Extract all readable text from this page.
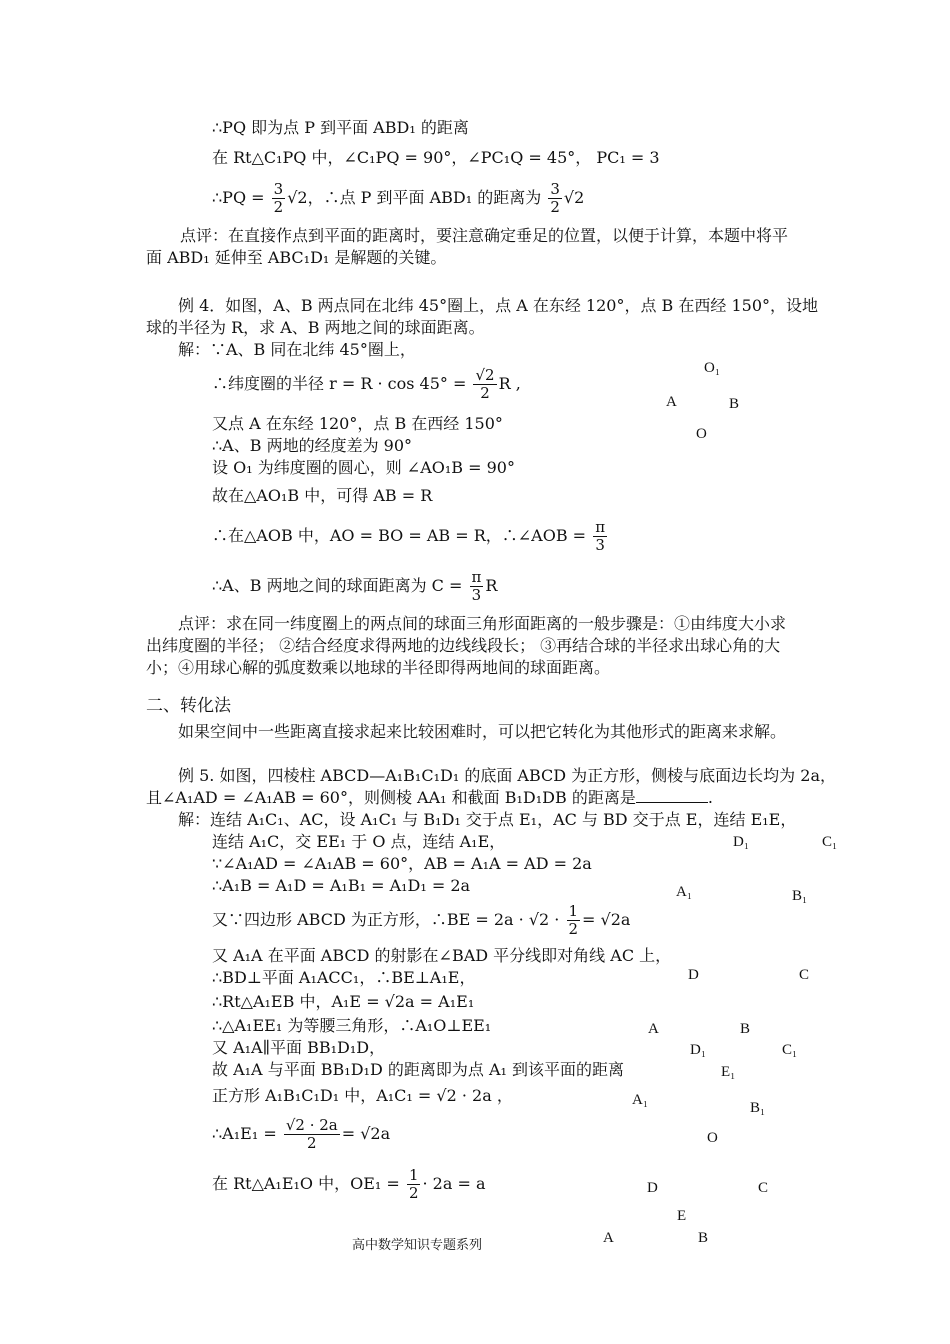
∴PQ 即为点 P 到平面 ABD₁ 的距离
在 Rt△C₁PQ 中，∠C₁PQ = 90°，∠PC₁Q = 45°， PC₁ = 3
∴PQ = $\frac{3}{2} √2$，∴点 P 到平面 ABD₁ 的距离为 $\frac{3}{2} √2$
点评：在直接作点到平面的距离时，要注意确定垂足的位置，以便于计算，本题中将平
面 ABD₁ 延伸至 ABC₁D₁ 是解题的关键。
例 4．如图，A、B 两点同在北纬 45°圈上，点 A 在东经 120°，点 B 在西经 150°，设地
球的半径为 R，求 A、B 两地之间的球面距离。
解：∵A、B 同在北纬 45°圈上，
∴纬度圈的半径 $r = R \cdot \cos 45^\circ = \frac{√2}{2}$ R ,
又点 A 在东经 120°，点 B 在西经 150°
∴A、B 两地的经度差为 90°
设 O₁ 为纬度圈的圆心，则 ∠AO₁B = 90°
故在△AO₁B 中，可得 AB = R
∴在△AOB 中，AO = BO = AB = R，∴∠AOB = $\frac{\pi}{3}$
∴A、B 两地之间的球面距离为 $C = \frac{\pi}{3}$ R
点评：求在同一纬度圈上的两点间的球面三角形面距离的一般步骤是：①由纬度大小求
出纬度圈的半径； ②结合经度求得两地的边线线段长； ③再结合球的半径求出球心角的大
小；④用球心解的弧度数乘以地球的半径即得两地间的球面距离。
O₁
A	B
O
二、转化法
如果空间中一些距离直接求起来比较困难时，可以把它转化为其他形式的距离来求解。
例 5. 如图，四棱柱 ABCD—A₁B₁C₁D₁ 的底面 ABCD 为正方形，侧棱与底面边长均为 2a，
且∠A₁AD = ∠A₁AB = 60°，则侧棱 AA₁ 和截面 B₁D₁DB 的距离是	.
解：连结 A₁C₁、AC，设 A₁C₁ 与 B₁D₁ 交于点 E₁，AC 与 BD 交于点 E，连结 E₁E，
连结 A₁C，交 EE₁ 于 O 点，连结 A₁E，
∵∠A₁AD = ∠A₁AB = 60°，AB = A₁A = AD = 2a
∴A₁B = A₁D = A₁B₁ = A₁D₁ = 2a
又∵四边形 ABCD 为正方形，∴BE = $2a \cdot √2 \cdot \frac{1}{2} = √2a$
又 A₁A 在平面 ABCD 的射影在∠BAD 平分线即对角线 AC 上，
∴BD⊥平面 A₁ACC₁，∴BE⊥A₁E，
∴Rt△A₁EB 中，A₁E = √2a = A₁E₁
∴△A₁EE₁ 为等腰三角形，∴A₁O⊥EE₁
又 A₁A∥平面 BB₁D₁D，
故 A₁A 与平面 BB₁D₁D 的距离即为点 A₁ 到该平面的距离
正方形 A₁B₁C₁D₁ 中，A₁C₁ = √2 · 2a ，
∴A₁E₁ = $\frac{√2 \cdot 2a}{2} = √2a$
在 Rt△A₁E₁O 中，$OE_1 = \frac{1}{2} \cdot 2a = a$
D₁	C₁
A₁	B₁
D	C
A	B
D₁	C₁
E₁
A₁	B₁
O
D	C
E
A	B
高中数学知识专题系列
